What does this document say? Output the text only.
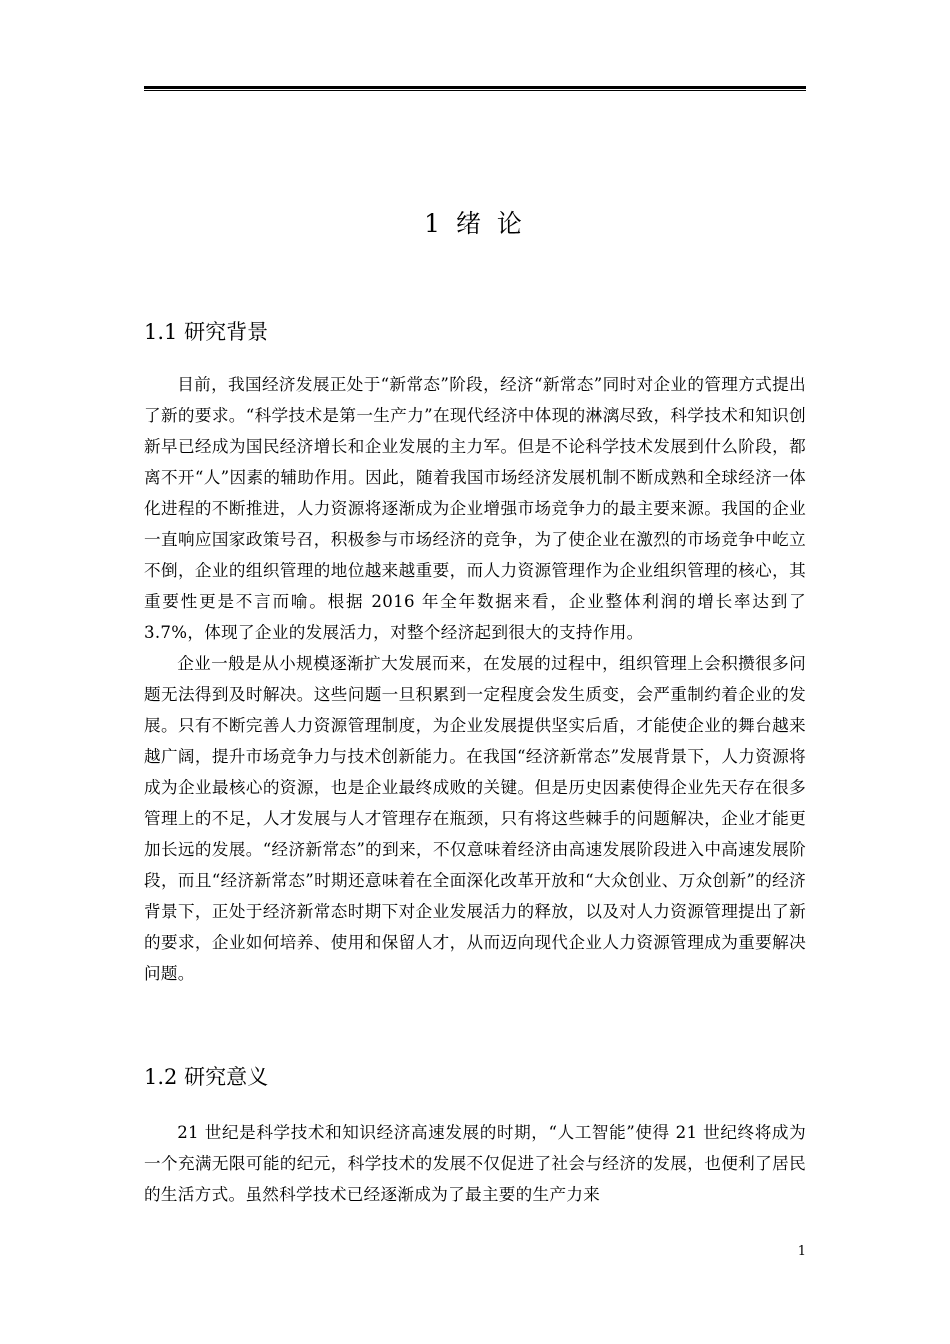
1 绪 论
1.1 研究背景

目前，我国经济发展正处于“新常态”阶段，经济“新常态”同时对企业的管理方式提出了新的要求。“科学技术是第一生产力”在现代经济中体现的淋漓尽致，科学技术和知识创新早已经成为国民经济增长和企业发展的主力军。但是不论科学技术发展到什么阶段，都离不开“人”因素的辅助作用。因此，随着我国市场经济发展机制不断成熟和全球经济一体化进程的不断推进，人力资源将逐渐成为企业增强市场竞争力的最主要来源。我国的企业一直响应国家政策号召，积极参与市场经济的竞争，为了使企业在激烈的市场竞争中屹立不倒，企业的组织管理的地位越来越重要，而人力资源管理作为企业组织管理的核心，其重要性更是不言而喻。根据 2016 年全年数据来看，企业整体利润的增长率达到了 3.7%，体现了企业的发展活力，对整个经济起到很大的支持作用。

企业一般是从小规模逐渐扩大发展而来，在发展的过程中，组织管理上会积攒很多问题无法得到及时解决。这些问题一旦积累到一定程度会发生质变，会严重制约着企业的发展。只有不断完善人力资源管理制度，为企业发展提供坚实后盾，才能使企业的舞台越来越广阔，提升市场竞争力与技术创新能力。在我国“经济新常态”发展背景下，人力资源将成为企业最核心的资源，也是企业最终成败的关键。但是历史因素使得企业先天存在很多管理上的不足，人才发展与人才管理存在瓶颈，只有将这些棘手的问题解决，企业才能更加长远的发展。“经济新常态”的到来，不仅意味着经济由高速发展阶段进入中高速发展阶段，而且“经济新常态”时期还意味着在全面深化改革开放和“大众创业、万众创新”的经济背景下，正处于经济新常态时期下对企业发展活力的释放，以及对人力资源管理提出了新的要求，企业如何培养、使用和保留人才，从而迈向现代企业人力资源管理成为重要解决问题。

1.2 研究意义

21 世纪是科学技术和知识经济高速发展的时期，“人工智能”使得 21 世纪终将成为一个充满无限可能的纪元，科学技术的发展不仅促进了社会与经济的发展，也便利了居民的生活方式。虽然科学技术已经逐渐成为了最主要的生产力来

1
